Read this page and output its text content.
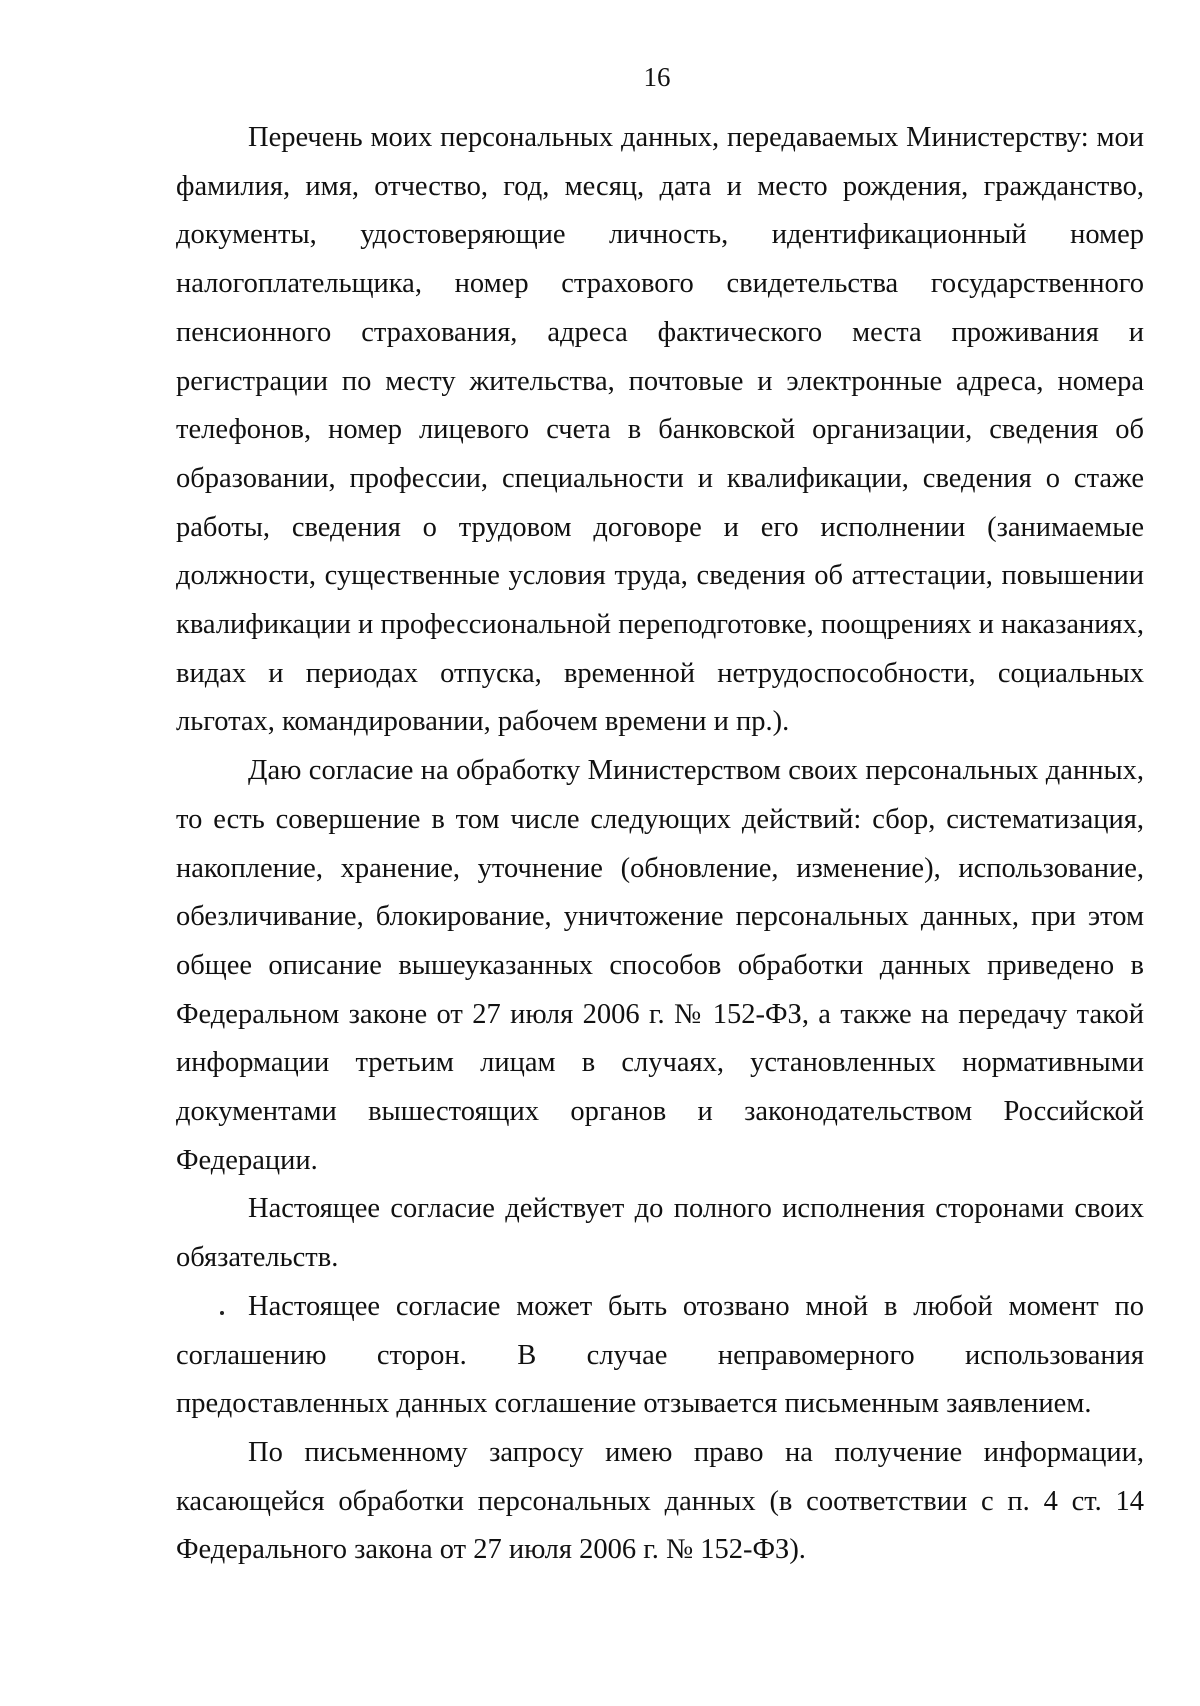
16

Перечень моих персональных данных, передаваемых Министерству: мои фамилия, имя, отчество, год, месяц, дата и место рождения, гражданство, документы, удостоверяющие личность, идентификационный номер налогоплательщика, номер страхового свидетельства государственного пенсионного страхования, адреса фактического места проживания и регистрации по месту жительства, почтовые и электронные адреса, номера телефонов, номер лицевого счета в банковской организации, сведения об образовании, профессии, специальности и квалификации, сведения о стаже работы, сведения о трудовом договоре и его исполнении (занимаемые должности, существенные условия труда, сведения об аттестации, повышении квалификации и профессиональной переподготовке, поощрениях и наказаниях, видах и периодах отпуска, временной нетрудоспособности, социальных льготах, командировании, рабочем времени и пр.).

Даю согласие на обработку Министерством своих персональных данных, то есть совершение в том числе следующих действий: сбор, систематизация, накопление, хранение, уточнение (обновление, изменение), использование, обезличивание, блокирование, уничтожение персональных данных, при этом общее описание вышеуказанных способов обработки данных приведено в Федеральном законе от 27 июля 2006 г. № 152-ФЗ, а также на передачу такой информации третьим лицам в случаях, установленных нормативными документами вышестоящих органов и законодательством Российской Федерации.

Настоящее согласие действует до полного исполнения сторонами своих обязательств.

Настоящее согласие может быть отозвано мной в любой момент по соглашению сторон. В случае неправомерного использования предоставленных данных соглашение отзывается письменным заявлением.

По письменному запросу имею право на получение информации, касающейся обработки персональных данных (в соответствии с п. 4 ст. 14 Федерального закона от 27 июля 2006 г. № 152-ФЗ).
